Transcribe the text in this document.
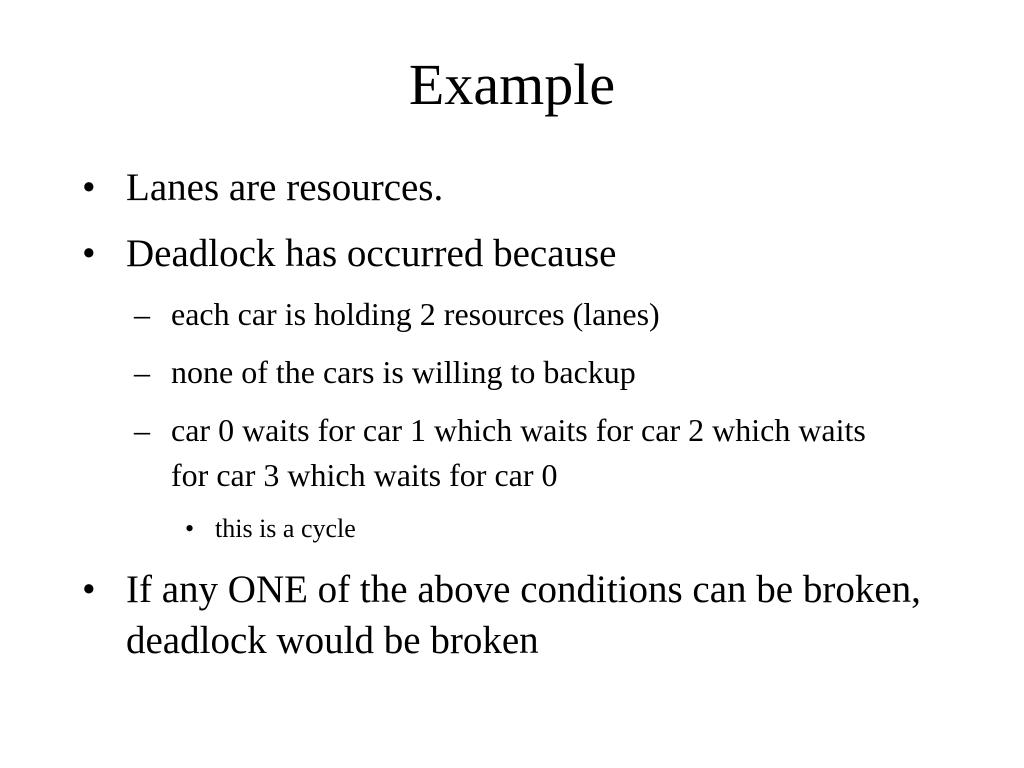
Example
• Lanes are resources.
• Deadlock has occurred because
– each car is holding 2 resources (lanes)
– none of the cars is willing to backup
– car 0 waits for car 1 which waits for car 2 which waits for car 3 which waits for car 0
• this is a cycle
• If any ONE of the above conditions can be broken, deadlock would be broken
